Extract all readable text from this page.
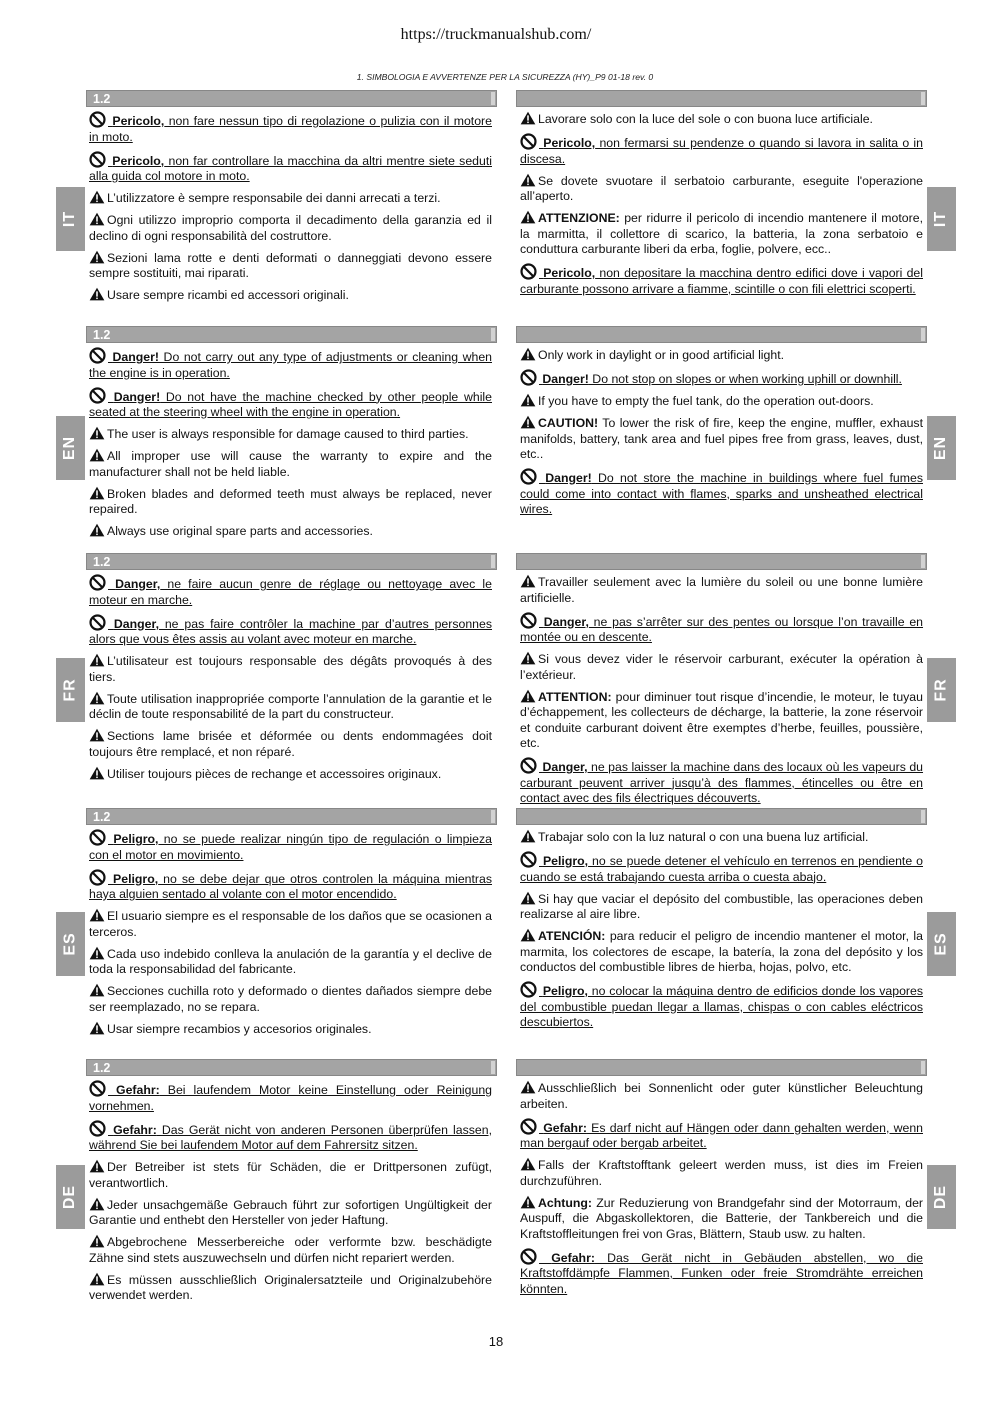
https://truckmanualshub.com/
1. SIMBOLOGIA E AVVERTENZE PER LA SICUREZZA (HY)_P9 01-18 rev. 0
1.2
Pericolo, non fare nessun tipo di regolazione o pulizia con il motore in moto.
Pericolo, non far controllare la macchina da altri mentre siete seduti alla guida col motore in moto.
L’utilizzatore è sempre responsabile dei danni arrecati a terzi.
Ogni utilizzo improprio comporta il decadimento della garanzia ed il declino di ogni responsabilità del costruttore.
Sezioni lama rotte e denti deformati o danneggiati devono essere sempre sostituiti, mai riparati.
Usare sempre ricambi ed accessori originali.
Lavorare solo con la luce del sole o con buona luce artificiale.
Pericolo, non fermarsi su pendenze o quando si lavora in salita o in discesa.
Se dovete svuotare il serbatoio carburante, eseguite l'operazione all’aperto.
ATTENZIONE: per ridurre il pericolo di incendio mantenere il motore, la marmitta, il collettore di scarico, la batteria, la zona serbatoio e conduttura carburante liberi da erba, foglie, polvere, ecc..
Pericolo, non depositare la macchina dentro edifici dove i vapori del carburante possono arrivare a fiamme, scintille o con fili elettrici scoperti.
IT	IT
1.2
Danger! Do not carry out any type of adjustments or cleaning when the engine is in operation.
Danger! Do not have the machine checked by other people while seated at the steering wheel with the engine in operation.
The user is always responsible for damage caused to third parties.
All improper use will cause the warranty to expire and the manufacturer shall not be held liable.
Broken blades and deformed teeth must always be replaced, never repaired.
Always use original spare parts and accessories.
Only work in daylight or in good artificial light.
Danger! Do not stop on slopes or when working uphill or downhill.
If you have to empty the fuel tank, do the operation out-doors.
CAUTION! To lower the risk of fire, keep the engine, muffler, exhaust manifolds, battery, tank area and fuel pipes free from grass, leaves, dust, etc..
Danger! Do not store the machine in buildings where fuel fumes could come into contact with flames, sparks and unsheathed electrical wires.
EN	EN
1.2
Danger, ne faire aucun genre de réglage ou nettoyage avec le moteur en marche.
Danger, ne pas faire contrôler la machine par d’autres personnes alors que vous êtes assis au volant avec moteur en marche.
L’utilisateur est toujours responsable des dégâts provoqués à des tiers.
Toute utilisation inappropriée comporte l’annulation de la garantie et le déclin de toute responsabilité de la part du constructeur.
Sections lame brisée et déformée ou dents endommagées doit toujours être remplacé, et non réparé.
Utiliser toujours pièces de rechange et accessoires originaux.
Travailler seulement avec la lumière du soleil ou une bonne lumière artificielle.
Danger, ne pas s’arrêter sur des pentes ou lorsque l’on travaille en montée ou en descente.
Si vous devez vider le réservoir carburant, exécuter la opération à l’extérieur.
ATTENTION: pour diminuer tout risque d’incendie, le moteur, le tuyau d’échappement, les collecteurs de décharge, la batterie, la zone réservoir et conduite carburant doivent être exemptes d’herbe, feuilles, poussière, etc.
Danger, ne pas laisser la machine dans des locaux où les vapeurs du carburant peuvent arriver jusqu’à des flammes, étincelles ou être en contact avec des fils électriques découverts.
FR	FR
1.2
Peligro, no se puede realizar ningún tipo de regulación o limpieza con el motor en movimiento.
Peligro, no se debe dejar que otros controlen la máquina mientras haya alguien sentado al volante con el motor encendido.
El usuario siempre es el responsable de los daños que se ocasionen a terceros.
Cada uso indebido conlleva la anulación de la garantía y el declive de toda la responsabilidad del fabricante.
Secciones cuchilla roto y deformado o dientes dañados siempre debe ser reemplazado, no se repara.
Usar siempre recambios y accesorios originales.
Trabajar solo con la luz natural o con una buena luz artificial.
Peligro, no se puede detener el vehículo en terrenos en pendiente o cuando se está trabajando cuesta arriba o cuesta abajo.
Si hay que vaciar el depósito del combustible, las operaciones deben realizarse al aire libre.
ATENCIÓN: para reducir el peligro de incendio mantener el motor, la marmita, los colectores de escape, la batería, la zona del depósito y los conductos del combustible libres de hierba, hojas, polvo, etc.
Peligro, no colocar la máquina dentro de edificios donde los vapores del combustible puedan llegar a llamas, chispas o con cables eléctricos descubiertos.
ES	ES
1.2
Gefahr: Bei laufendem Motor keine Einstellung oder Reinigung vornehmen.
Gefahr: Das Gerät nicht von anderen Personen überprüfen lassen, während Sie bei laufendem Motor auf dem Fahrersitz sitzen.
Der Betreiber ist stets für Schäden, die er Drittpersonen zufügt, verantwortlich.
Jeder unsachgemäße Gebrauch führt zur sofortigen Ungültigkeit der Garantie und enthebt den Hersteller von jeder Haftung.
Abgebrochene Messerbereiche oder verformte bzw. beschädigte Zähne sind stets auszuwechseln und dürfen nicht repariert werden.
Es müssen ausschließlich Originalersatzteile und Originalzubehöre verwendet werden.
Ausschließlich bei Sonnenlicht oder guter künstlicher Beleuchtung arbeiten.
Gefahr: Es darf nicht auf Hängen oder dann gehalten werden, wenn man bergauf oder bergab arbeitet.
Falls der Kraftstofftank geleert werden muss, ist dies im Freien durchzuführen.
Achtung: Zur Reduzierung von Brandgefahr sind der Motorraum, der Auspuff, die Abgaskollektoren, die Batterie, der Tankbereich und die Kraftstoffleitungen frei von Gras, Blättern, Staub usw. zu halten.
Gefahr: Das Gerät nicht in Gebäuden abstellen, wo die Kraftstoffdämpfe Flammen, Funken oder freie Stromdrähte erreichen könnten.
DE	DE
18
